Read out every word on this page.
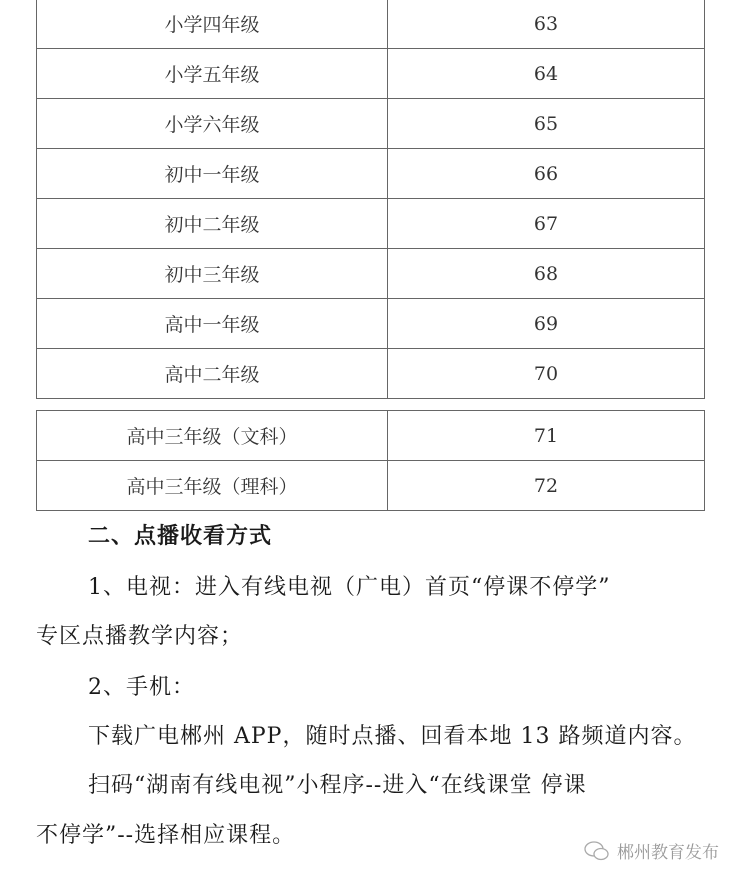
小学四年级	63
小学五年级	64
小学六年级	65
初中一年级	66
初中二年级	67
初中三年级	68
高中一年级	69
高中二年级	70
高中三年级（文科）	71
高中三年级（理科）	72
二、点播收看方式
1、电视：进入有线电视（广电）首页“停课不停学”
专区点播教学内容；
2、手机：
下载广电郴州 APP，随时点播、回看本地 13 路频道内容。
扫码“湖南有线电视”小程序--进入“在线课堂 停课
不停学”--选择相应课程。
郴州教育发布
